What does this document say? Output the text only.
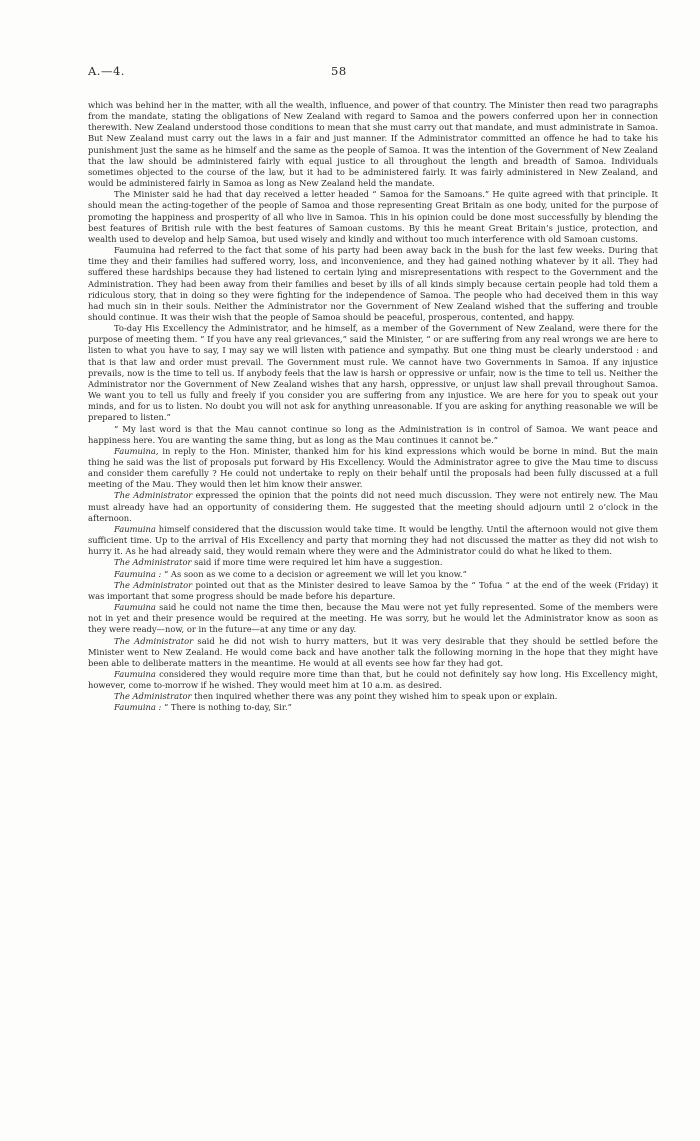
A.—4.	58

which was behind her in the matter, with all the wealth, influence, and power of that country. The Minister then read two paragraphs from the mandate, stating the obligations of New Zealand with regard to Samoa and the powers conferred upon her in connection therewith. New Zealand understood those conditions to mean that she must carry out that mandate, and must administrate in Samoa. But New Zealand must carry out the laws in a fair and just manner. If the Administrator committed an offence he had to take his punishment just the same as he himself and the same as the people of Samoa. It was the intention of the Government of New Zealand that the law should be administered fairly with equal justice to all throughout the length and breadth of Samoa. Individuals sometimes objected to the course of the law, but it had to be administered fairly. It was fairly administered in New Zealand, and would be administered fairly in Samoa as long as New Zealand held the mandate.

The Minister said he had that day received a letter headed “ Samoa for the Samoans.” He quite agreed with that principle. It should mean the acting-together of the people of Samoa and those representing Great Britain as one body, united for the purpose of promoting the happiness and prosperity of all who live in Samoa. This in his opinion could be done most successfully by blending the best features of British rule with the best features of Samoan customs. By this he meant Great Britain’s justice, protection, and wealth used to develop and help Samoa, but used wisely and kindly and without too much interference with old Samoan customs.

Faumuina had referred to the fact that some of his party had been away back in the bush for the last few weeks. During that time they and their families had suffered worry, loss, and inconvenience, and they had gained nothing whatever by it all. They had suffered these hardships because they had listened to certain lying and misrepresentations with respect to the Government and the Administration. They had been away from their families and beset by ills of all kinds simply because certain people had told them a ridiculous story, that in doing so they were fighting for the independence of Samoa. The people who had deceived them in this way had much sin in their souls. Neither the Administrator nor the Government of New Zealand wished that the suffering and trouble should continue. It was their wish that the people of Samoa should be peaceful, prosperous, contented, and happy.

To-day His Excellency the Administrator, and he himself, as a member of the Government of New Zealand, were there for the purpose of meeting them. “ If you have any real grievances,” said the Minister, “ or are suffering from any real wrongs we are here to listen to what you have to say, I may say we will listen with patience and sympathy. But one thing must be clearly understood : and that is that law and order must prevail. The Government must rule. We cannot have two Governments in Samoa. If any injustice prevails, now is the time to tell us. If anybody feels that the law is harsh or oppressive or unfair, now is the time to tell us. Neither the Administrator nor the Government of New Zealand wishes that any harsh, oppressive, or unjust law shall prevail throughout Samoa. We want you to tell us fully and freely if you consider you are suffering from any injustice. We are here for you to speak out your minds, and for us to listen. No doubt you will not ask for anything unreasonable. If you are asking for anything reasonable we will be prepared to listen.”

“ My last word is that the Mau cannot continue so long as the Administration is in control of Samoa. We want peace and happiness here. You are wanting the same thing, but as long as the Mau continues it cannot be.”

Faumuina, in reply to the Hon. Minister, thanked him for his kind expressions which would be borne in mind. But the main thing he said was the list of proposals put forward by His Excellency. Would the Administrator agree to give the Mau time to discuss and consider them carefully ? He could not undertake to reply on their behalf until the proposals had been fully discussed at a full meeting of the Mau. They would then let him know their answer.

The Administrator expressed the opinion that the points did not need much discussion. They were not entirely new. The Mau must already have had an opportunity of considering them. He suggested that the meeting should adjourn until 2 o’clock in the afternoon.

Faumuina himself considered that the discussion would take time. It would be lengthy. Until the afternoon would not give them sufficient time. Up to the arrival of His Excellency and party that morning they had not discussed the matter as they did not wish to hurry it. As he had already said, they would remain where they were and the Administrator could do what he liked to them.

The Administrator said if more time were required let him have a suggestion.

Faumuina : “ As soon as we come to a decision or agreement we will let you know.”

The Administrator pointed out that as the Minister desired to leave Samoa by the “ Tofua ” at the end of the week (Friday) it was important that some progress should be made before his departure.

Faumuina said he could not name the time then, because the Mau were not yet fully represented. Some of the members were not in yet and their presence would be required at the meeting. He was sorry, but he would let the Administrator know as soon as they were ready—now, or in the future—at any time or any day.

The Administrator said he did not wish to hurry matters, but it was very desirable that they should be settled before the Minister went to New Zealand. He would come back and have another talk the following morning in the hope that they might have been able to deliberate matters in the meantime. He would at all events see how far they had got.

Faumuina considered they would require more time than that, but he could not definitely say how long. His Excellency might, however, come to-morrow if he wished. They would meet him at 10 a.m. as desired.

The Administrator then inquired whether there was any point they wished him to speak upon or explain.

Faumuina : “ There is nothing to-day, Sir.”
